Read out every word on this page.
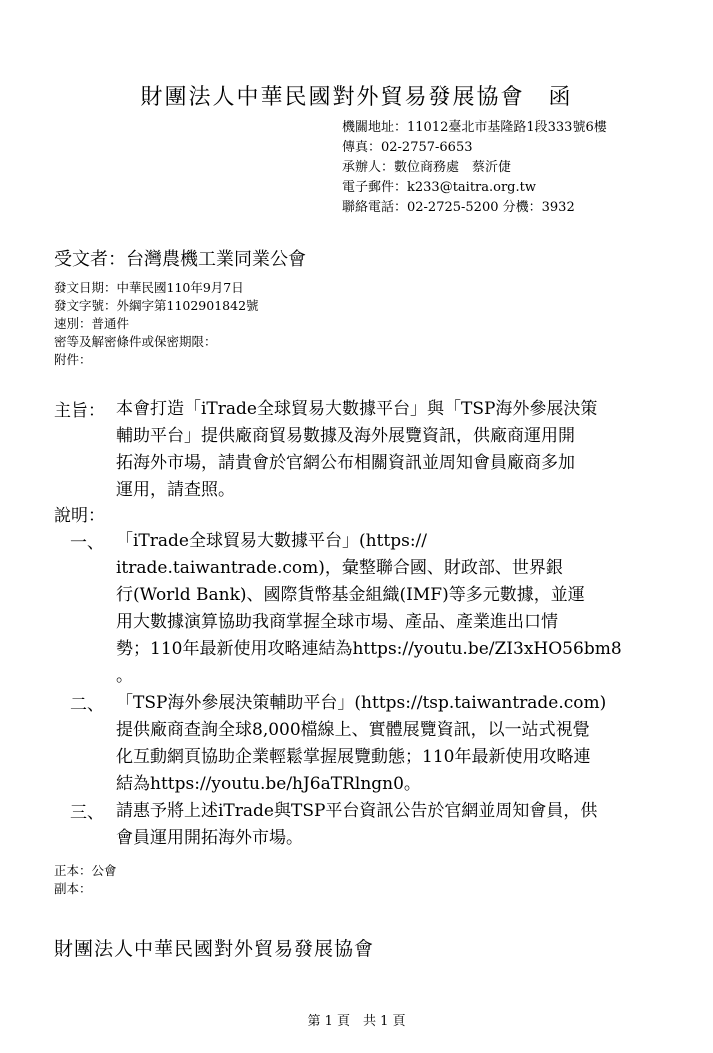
財團法人中華民國對外貿易發展協會　函
機關地址：11012臺北市基隆路1段333號6樓
傳真：02-2757-6653
承辦人：數位商務處　蔡沂倢
電子郵件：k233@taitra.org.tw
聯絡電話：02-2725-5200 分機：3932
受文者：台灣農機工業同業公會
發文日期：中華民國110年9月7日
發文字號：外綱字第1102901842號
速別：普通件
密等及解密條件或保密期限：
附件：
主旨： 本會打造「iTrade全球貿易大數據平台」與「TSP海外參展決策
輔助平台」提供廠商貿易數據及海外展覽資訊，供廠商運用開
拓海外市場，請貴會於官網公布相關資訊並周知會員廠商多加
運用，請查照。
說明：
一、 「iTrade全球貿易大數據平台」(https://
itrade.taiwantrade.com)，彙整聯合國、財政部、世界銀
行(World Bank)、國際貨幣基金組織(IMF)等多元數據，並運
用大數據演算協助我商掌握全球市場、產品、產業進出口情
勢；110年最新使用攻略連結為https://youtu.be/ZI3xHO56bm8
。
二、 「TSP海外參展決策輔助平台」(https://tsp.taiwantrade.com)
提供廠商查詢全球8,000檔線上、實體展覽資訊，以一站式視覺
化互動網頁協助企業輕鬆掌握展覽動態；110年最新使用攻略連
結為https://youtu.be/hJ6aTRlngn0。
三、 請惠予將上述iTrade與TSP平台資訊公告於官網並周知會員，供
會員運用開拓海外市場。
正本：公會
副本：
財團法人中華民國對外貿易發展協會
第 1 頁　共 1 頁
